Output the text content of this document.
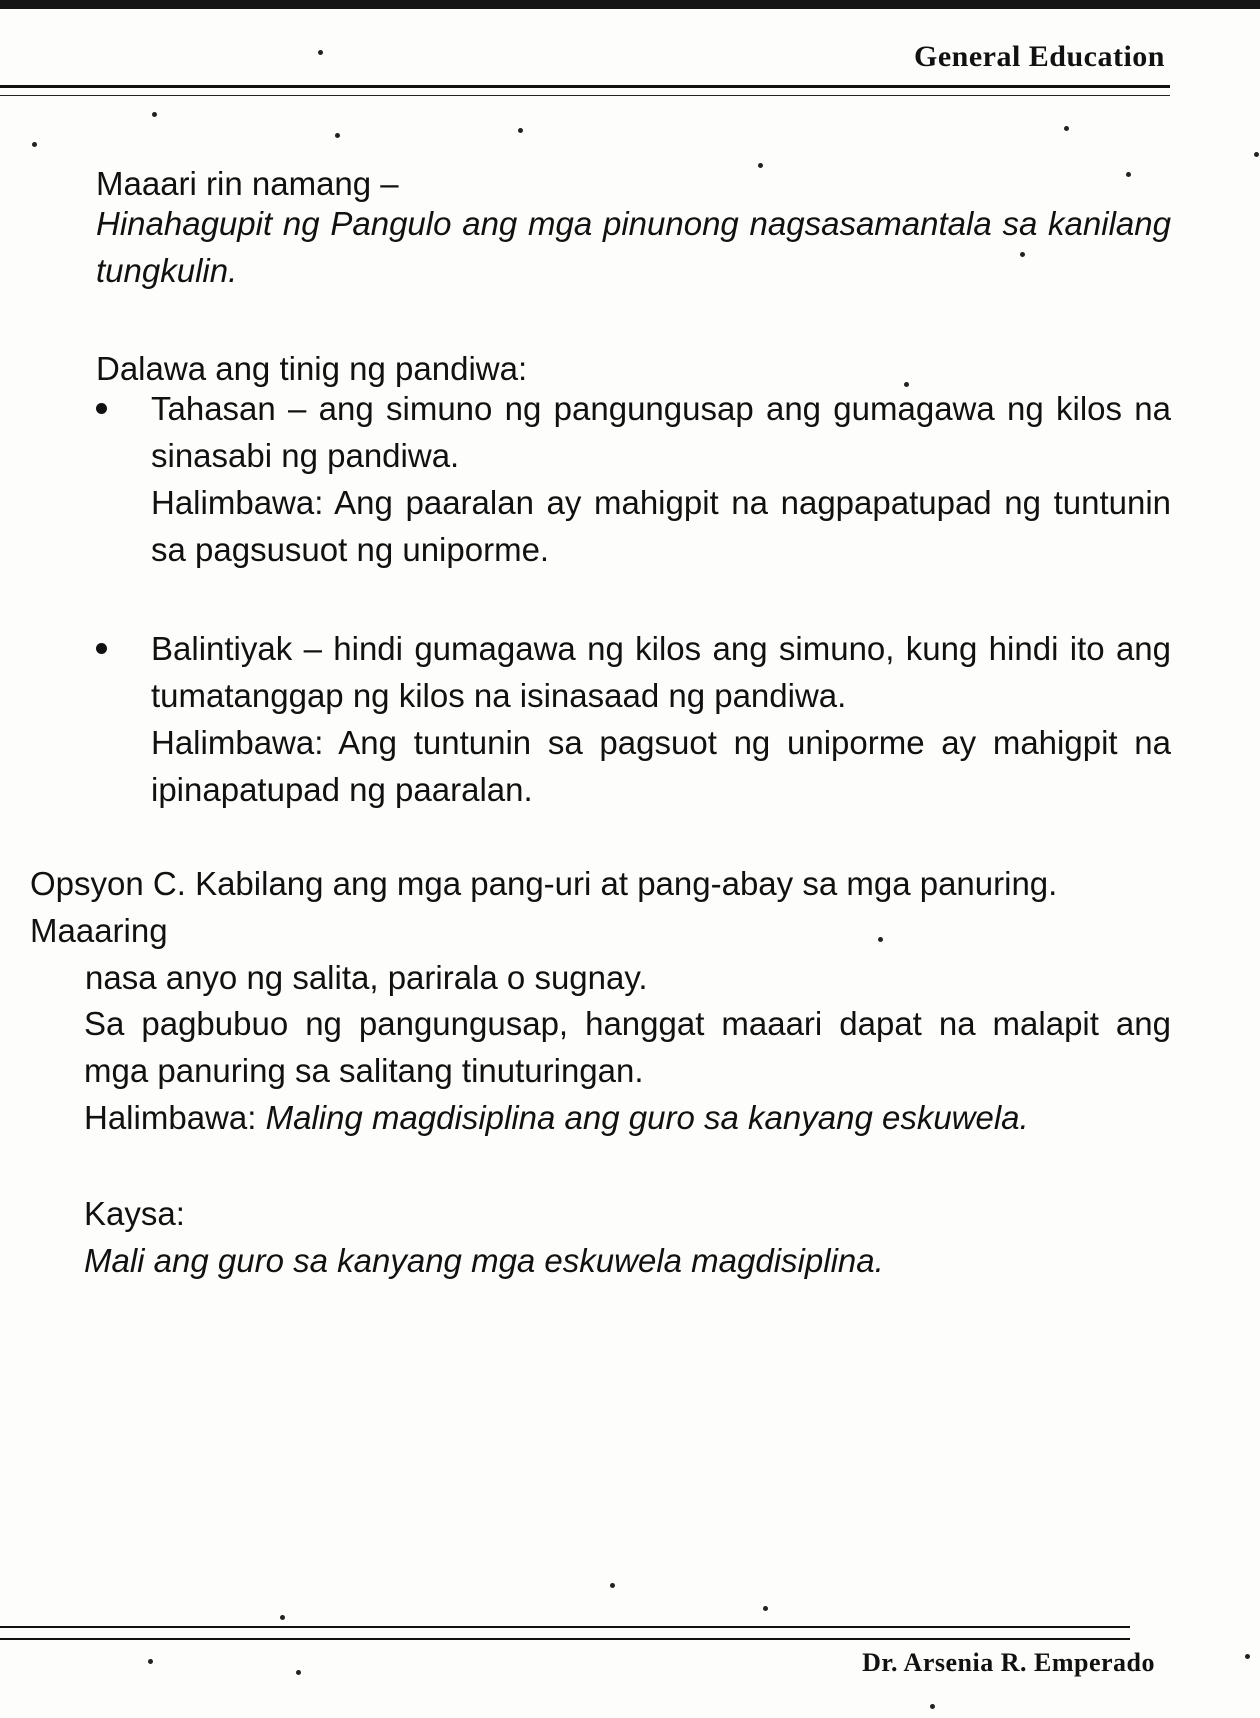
General Education

Maaari rin namang –

Hinahagupit ng Pangulo ang mga pinunong nagsasamantala sa kanilang tungkulin.

Dalawa ang tinig ng pandiwa:

Tahasan – ang simuno ng pangungusap ang gumagawa ng kilos na sinasabi ng pandiwa.
Halimbawa: Ang paaralan ay mahigpit na nagpapatupad ng tuntunin sa pagsusuot ng uniporme.
Balintiyak – hindi gumagawa ng kilos ang simuno, kung hindi ito ang tumatanggap ng kilos na isinasaad ng pandiwa.
Halimbawa: Ang tuntunin sa pagsuot ng uniporme ay mahigpit na ipinapatupad ng paaralan.
Opsyon C. Kabilang ang mga pang-uri at pang-abay sa mga panuring. Maaaring
nasa anyo ng salita, parirala o sugnay.

Sa pagbubuo ng pangungusap, hanggat maaari dapat na malapit ang mga panuring sa salitang tinuturingan.

Halimbawa: Maling magdisiplina ang guro sa kanyang eskuwela.

Kaysa:

Mali ang guro sa kanyang mga eskuwela magdisiplina.

Dr. Arsenia R. Emperado
